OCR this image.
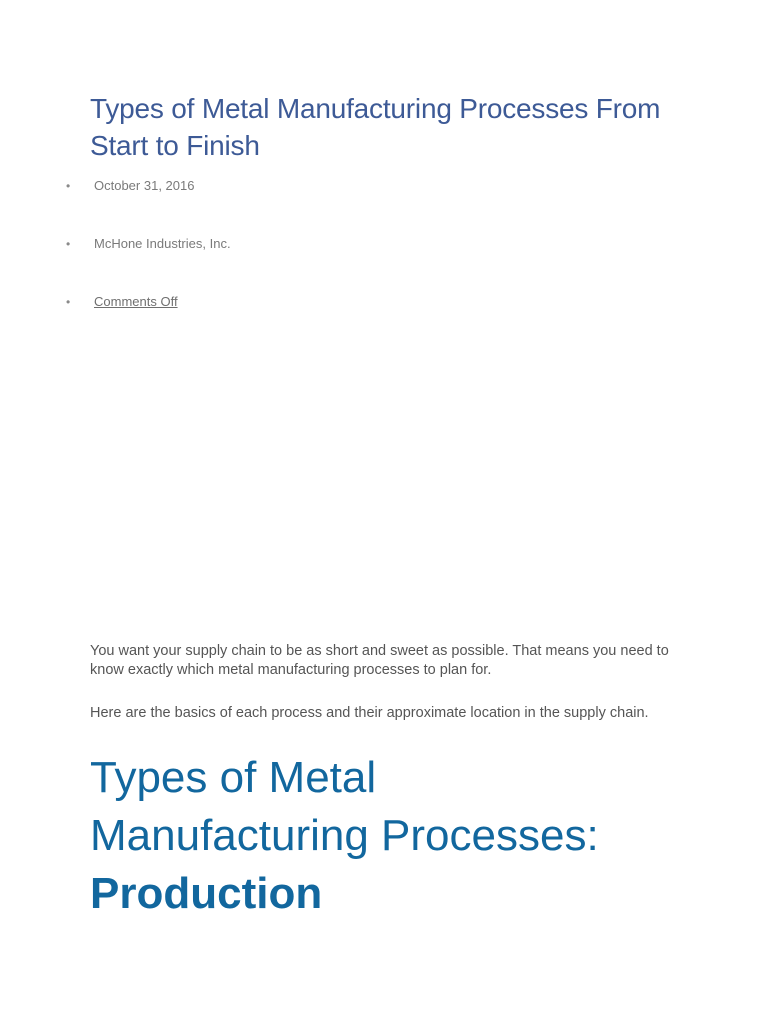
Types of Metal Manufacturing Processes From Start to Finish
• October 31, 2016
• McHone Industries, Inc.
• Comments Off

You want your supply chain to be as short and sweet as possible. That means you need to know exactly which metal manufacturing processes to plan for.

Here are the basics of each process and their approximate location in the supply chain.

Types of Metal Manufacturing Processes: Production
